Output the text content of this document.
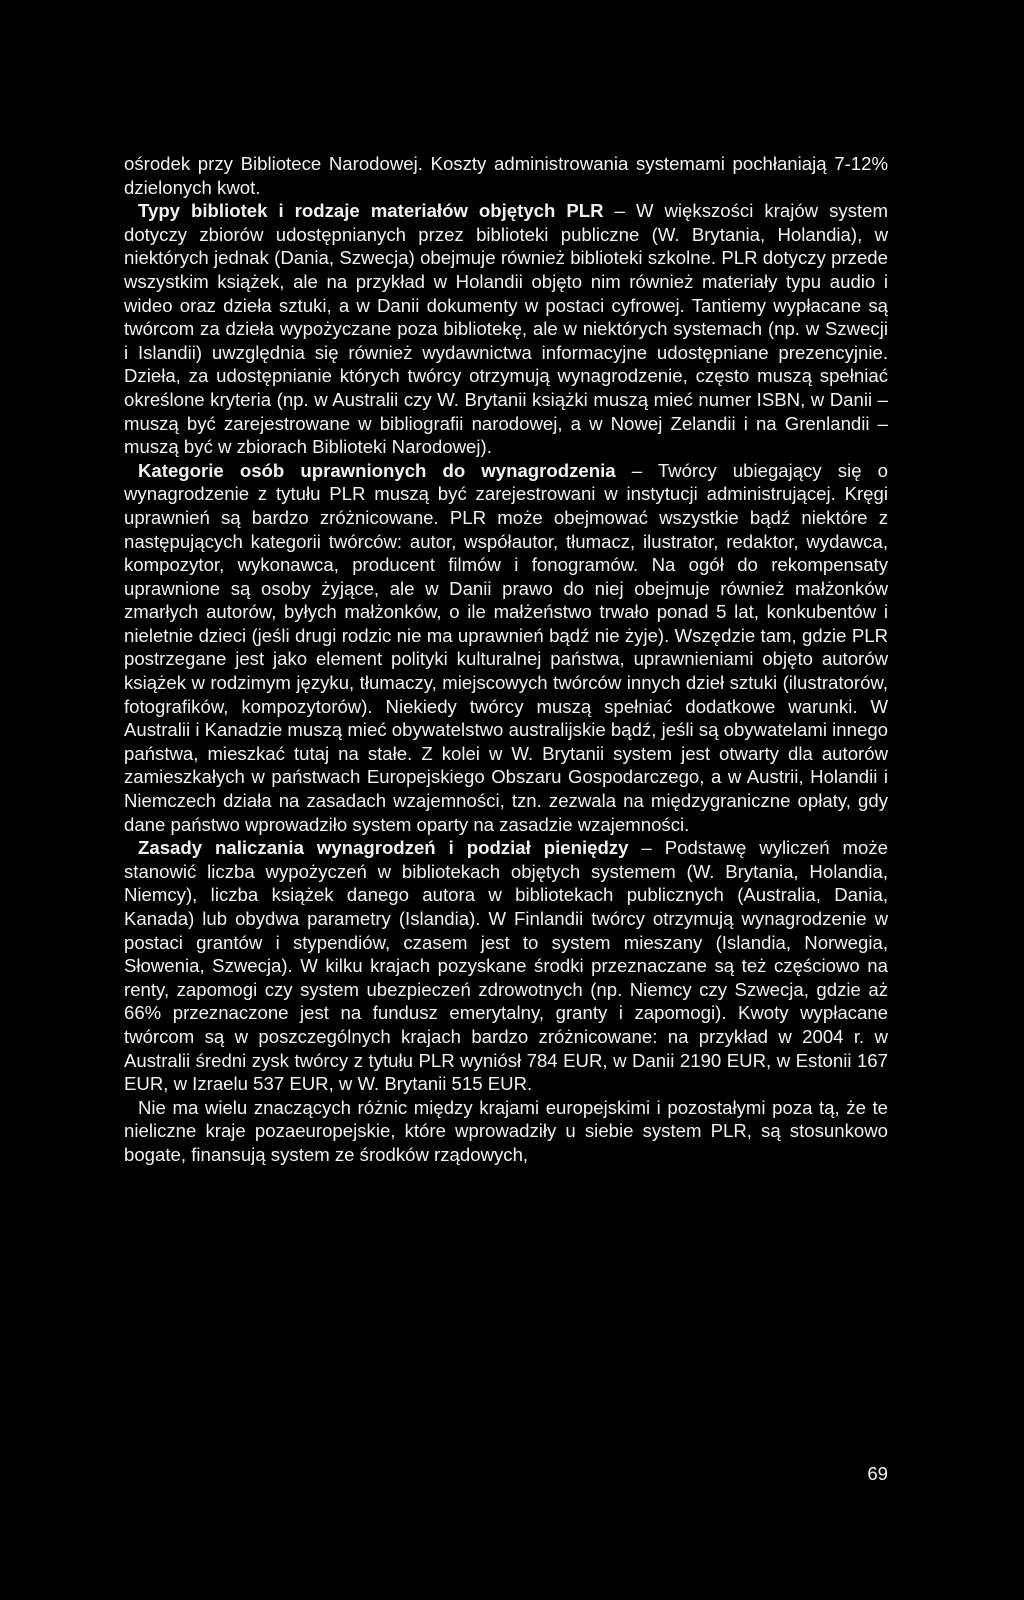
ośrodek przy Bibliotece Narodowej. Koszty administrowania systemami pochłaniają 7-12% dzielonych kwot.

Typy bibliotek i rodzaje materiałów objętych PLR – W większości krajów system dotyczy zbiorów udostępnianych przez biblioteki publiczne (W. Brytania, Holandia), w niektórych jednak (Dania, Szwecja) obejmuje również biblioteki szkolne. PLR dotyczy przede wszystkim książek, ale na przykład w Holandii objęto nim również materiały typu audio i wideo oraz dzieła sztuki, a w Danii dokumenty w postaci cyfrowej. Tantiemy wypłacane są twórcom za dzieła wypożyczane poza bibliotekę, ale w niektórych systemach (np. w Szwecji i Islandii) uwzględnia się również wydawnictwa informacyjne udostępniane prezencyjnie. Dzieła, za udostępnianie których twórcy otrzymują wynagrodzenie, często muszą spełniać określone kryteria (np. w Australii czy W. Brytanii książki muszą mieć numer ISBN, w Danii – muszą być zarejestrowane w bibliografii narodowej, a w Nowej Zelandii i na Grenlandii – muszą być w zbiorach Biblioteki Narodowej).

Kategorie osób uprawnionych do wynagrodzenia – Twórcy ubiegający się o wynagrodzenie z tytułu PLR muszą być zarejestrowani w instytucji administrującej. Kręgi uprawnień są bardzo zróżnicowane. PLR może obejmować wszystkie bądź niektóre z następujących kategorii twórców: autor, współautor, tłumacz, ilustrator, redaktor, wydawca, kompozytor, wykonawca, producent filmów i fonogramów. Na ogół do rekompensaty uprawnione są osoby żyjące, ale w Danii prawo do niej obejmuje również małżonków zmarłych autorów, byłych małżonków, o ile małżeństwo trwało ponad 5 lat, konkubentów i nieletnie dzieci (jeśli drugi rodzic nie ma uprawnień bądź nie żyje). Wszędzie tam, gdzie PLR postrzegane jest jako element polityki kulturalnej państwa, uprawnieniami objęto autorów książek w rodzimym języku, tłumaczy, miejscowych twórców innych dzieł sztuki (ilustratorów, fotografików, kompozytorów). Niekiedy twórcy muszą spełniać dodatkowe warunki. W Australii i Kanadzie muszą mieć obywatelstwo australijskie bądź, jeśli są obywatelami innego państwa, mieszkać tutaj na stałe. Z kolei w W. Brytanii system jest otwarty dla autorów zamieszkałych w państwach Europejskiego Obszaru Gospodarczego, a w Austrii, Holandii i Niemczech działa na zasadach wzajemności, tzn. zezwala na międzygraniczne opłaty, gdy dane państwo wprowadziło system oparty na zasadzie wzajemności.

Zasady naliczania wynagrodzeń i podział pieniędzy – Podstawę wyliczeń może stanowić liczba wypożyczeń w bibliotekach objętych systemem (W. Brytania, Holandia, Niemcy), liczba książek danego autora w bibliotekach publicznych (Australia, Dania, Kanada) lub obydwa parametry (Islandia). W Finlandii twórcy otrzymują wynagrodzenie w postaci grantów i stypendiów, czasem jest to system mieszany (Islandia, Norwegia, Słowenia, Szwecja). W kilku krajach pozyskane środki przeznaczane są też częściowo na renty, zapomogi czy system ubezpieczeń zdrowotnych (np. Niemcy czy Szwecja, gdzie aż 66% przeznaczone jest na fundusz emerytalny, granty i zapomogi). Kwoty wypłacane twórcom są w poszczególnych krajach bardzo zróżnicowane: na przykład w 2004 r. w Australii średni zysk twórcy z tytułu PLR wyniósł 784 EUR, w Danii 2190 EUR, w Estonii 167 EUR, w Izraelu 537 EUR, w W. Brytanii 515 EUR.

Nie ma wielu znaczących różnic między krajami europejskimi i pozostałymi poza tą, że te nieliczne kraje pozaeuropejskie, które wprowadziły u siebie system PLR, są stosunkowo bogate, finansują system ze środków rządowych,

69
